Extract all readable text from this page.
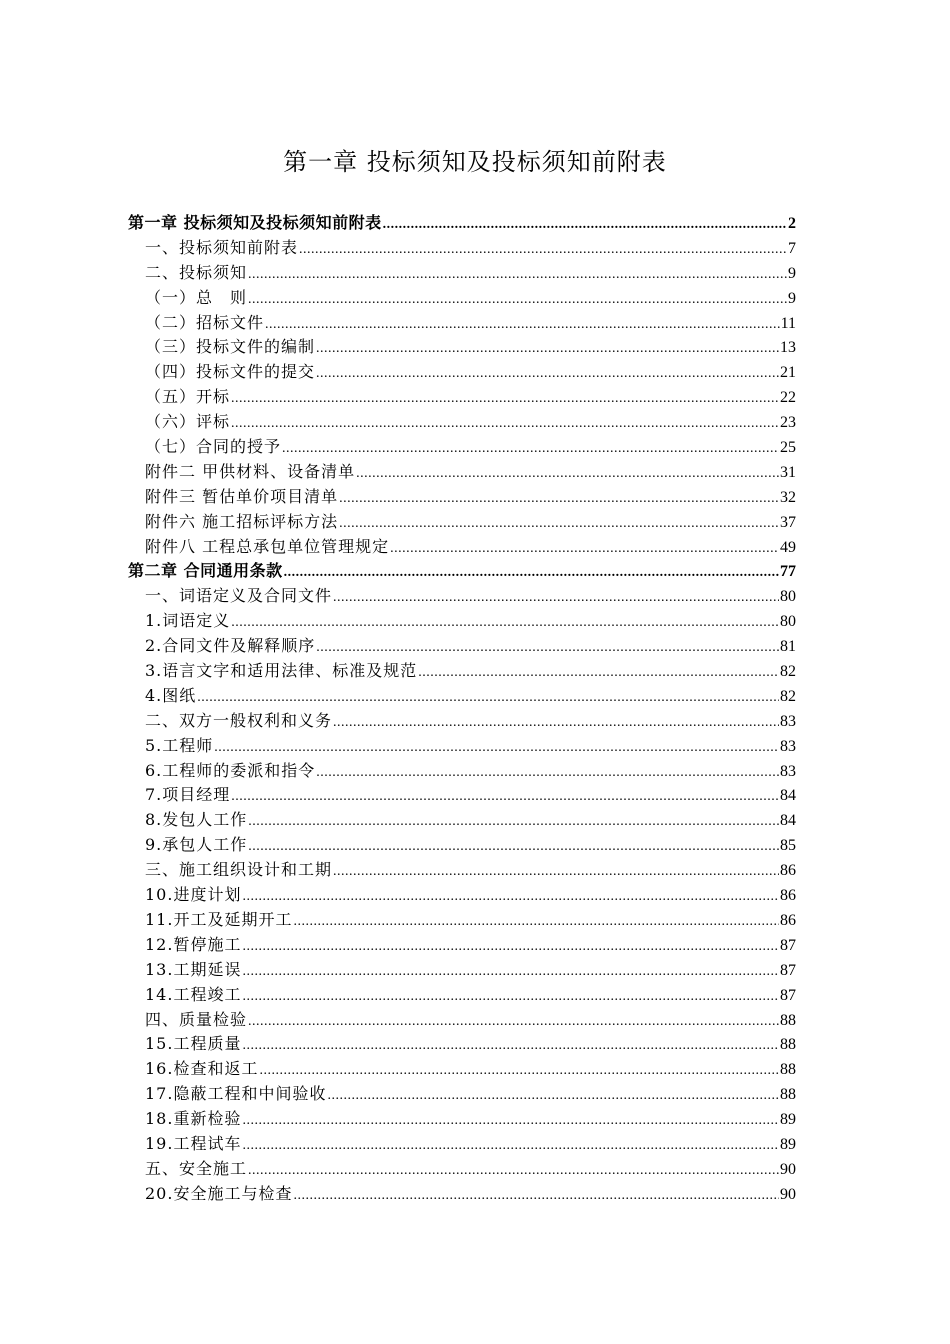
第一章 投标须知及投标须知前附表
第一章 投标须知及投标须知前附表 .....	2
一、投标须知前附表 .....	7
二、投标须知 .....	9
（一）总　则 .....	9
（二）招标文件 .....	11
（三）投标文件的编制 .....	13
（四）投标文件的提交 .....	21
（五）开标 .....	22
（六）评标 .....	23
（七）合同的授予 .....	25
附件二 甲供材料、设备清单 .....	31
附件三 暂估单价项目清单 .....	32
附件六 施工招标评标方法 .....	37
附件八 工程总承包单位管理规定 .....	49
第二章 合同通用条款 .....	77
一、词语定义及合同文件 .....	80
1.词语定义 .....	80
2.合同文件及解释顺序 .....	81
3.语言文字和适用法律、标准及规范 .....	82
4.图纸 .....	82
二、双方一般权利和义务 .....	83
5.工程师 .....	83
6.工程师的委派和指令 .....	83
7.项目经理 .....	84
8.发包人工作 .....	84
9.承包人工作 .....	85
三、施工组织设计和工期 .....	86
10.进度计划 .....	86
11.开工及延期开工 .....	86
12.暂停施工 .....	87
13.工期延误 .....	87
14.工程竣工 .....	87
四、质量检验 .....	88
15.工程质量 .....	88
16.检查和返工 .....	88
17.隐蔽工程和中间验收 .....	88
18.重新检验 .....	89
19.工程试车 .....	89
五、安全施工 .....	90
20.安全施工与检查 .....	90
